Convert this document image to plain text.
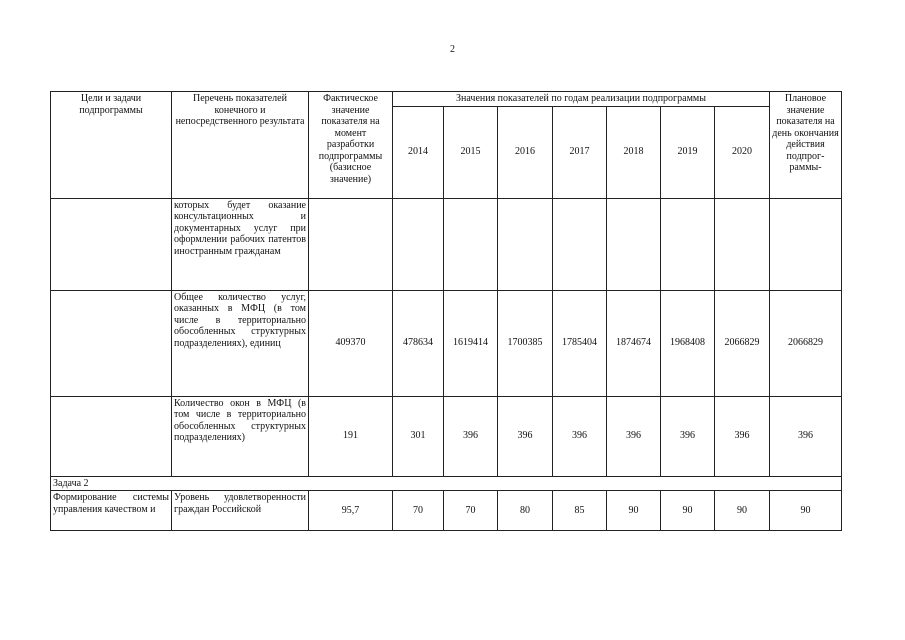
2
Цели и задачи подпрограммы	Перечень показателей конечного и непосредственного результата	Фактическое значение показателя на момент разработки подпрограммы (базисное значение)	Значения показателей по годам реализации подпрограммы							Плановое значение показателя на день окончания действия подпрог-раммы-
			2014	2015	2016	2017	2018	2019	2020	
	которых будет оказание консультационных и документарных услуг при оформлении рабочих патентов иностранным гражданам									
	Общее количество услуг, оказанных в МФЦ (в том числе в территориально обособленных структурных подразделениях), единиц	409370	478634	1619414	1700385	1785404	1874674	1968408	2066829	2066829
	Количество окон в МФЦ (в том числе в территориально обособленных структурных подразделениях)	191	301	396	396	396	396	396	396	396
Задача 2										
Формирование системы управления качеством и	Уровень удовлетворенности граждан Российской	95,7	70	70	80	85	90	90	90	90
